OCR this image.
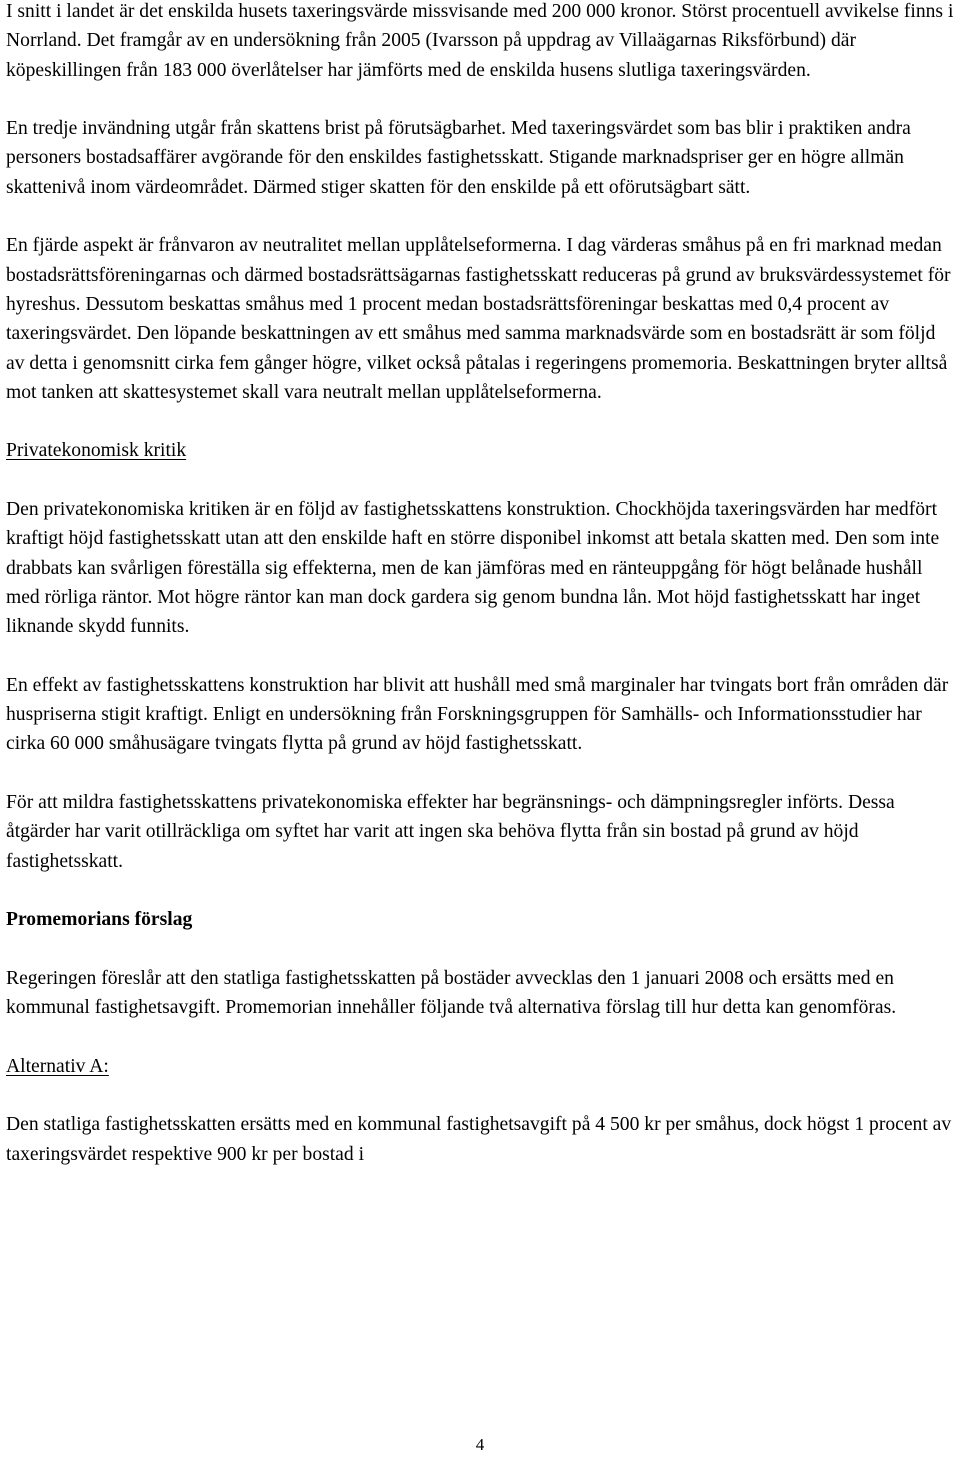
I snitt i landet är det enskilda husets taxeringsvärde missvisande med 200 000 kronor. Störst procentuell avvikelse finns i Norrland. Det framgår av en undersökning från 2005 (Ivarsson på uppdrag av Villaägarnas Riksförbund) där köpeskillingen från 183 000 överlåtelser har jämförts med de enskilda husens slutliga taxeringsvärden.

En tredje invändning utgår från skattens brist på förutsägbarhet. Med taxeringsvärdet som bas blir i praktiken andra personers bostadsaffärer avgörande för den enskildes fastighetsskatt. Stigande marknadspriser ger en högre allmän skattenivå inom värdeområdet. Därmed stiger skatten för den enskilde på ett oförutsägbart sätt.

En fjärde aspekt är frånvaron av neutralitet mellan upplåtelseformerna. I dag värderas småhus på en fri marknad medan bostadsrättsföreningarnas och därmed bostadsrättsägarnas fastighetsskatt reduceras på grund av bruksvärdessystemet för hyreshus. Dessutom beskattas småhus med 1 procent medan bostadsrättsföreningar beskattas med 0,4 procent av taxeringsvärdet. Den löpande beskattningen av ett småhus med samma marknadsvärde som en bostadsrätt är som följd av detta i genomsnitt cirka fem gånger högre, vilket också påtalas i regeringens promemoria. Beskattningen bryter alltså mot tanken att skattesystemet skall vara neutralt mellan upplåtelseformerna.

Privatekonomisk kritik

Den privatekonomiska kritiken är en följd av fastighetsskattens konstruktion. Chockhöjda taxeringsvärden har medfört kraftigt höjd fastighetsskatt utan att den enskilde haft en större disponibel inkomst att betala skatten med. Den som inte drabbats kan svårligen föreställa sig effekterna, men de kan jämföras med en ränteuppgång för högt belånade hushåll med rörliga räntor. Mot högre räntor kan man dock gardera sig genom bundna lån. Mot höjd fastighetsskatt har inget liknande skydd funnits.

En effekt av fastighetsskattens konstruktion har blivit att hushåll med små marginaler har tvingats bort från områden där huspriserna stigit kraftigt. Enligt en undersökning från Forskningsgruppen för Samhälls- och Informationsstudier har cirka 60 000 småhusägare tvingats flytta på grund av höjd fastighetsskatt.

För att mildra fastighetsskattens privatekonomiska effekter har begränsnings- och dämpningsregler införts. Dessa åtgärder har varit otillräckliga om syftet har varit att ingen ska behöva flytta från sin bostad på grund av höjd fastighetsskatt.

Promemorians förslag

Regeringen föreslår att den statliga fastighetsskatten på bostäder avvecklas den 1 januari 2008 och ersätts med en kommunal fastighetsavgift. Promemorian innehåller följande två alternativa förslag till hur detta kan genomföras.

Alternativ A:

Den statliga fastighetsskatten ersätts med en kommunal fastighetsavgift på 4 500 kr per småhus, dock högst 1 procent av taxeringsvärdet respektive 900 kr per bostad i

4
